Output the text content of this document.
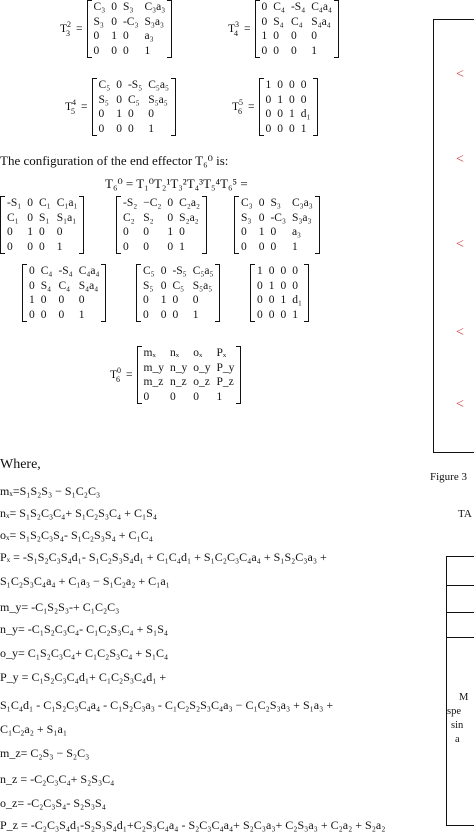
$T^2_3$ =
C₃	0	S₃	C₃a₃
S₃	0	-C₃	S₃a₃
0	1	0	a₃
0	0	0	1
$T^3_4$ =
0	C₄	-S₄	C₄a₄
0	S₄	C₄	S₄a₄
1	0	0	0
0	0	0	1
$T^4_5$ =
C₅	0	-S₅	C₅a₅
S₅	0	C₅	S₅a₅
0	1	0	0
0	0	0	1
$T^5_6$ =
1	0	0	0
0	1	0	0
0	0	1	d₁
0	0	0	1
The configuration of the end effector T₆⁰ is:
T₆⁰ = T₁⁰T₂¹T₃²T₄³T₅⁴T₆⁵ =
-S₁	0	C₁	C₁a₁
C₁	0	S₁	S₁a₁
0	1	0	0
0	0	0	1
-S₂	−C₂	0	C₂a₂
C₂	S₂	0	S₂a₂
0	0	1	0
0	0	0	1
C₃	0	S₃	C₃a₃
S₃	0	-C₃	S₃a₃
0	1	0	a₃
0	0	0	1
0	C₄	-S₄	C₄a₄
0	S₄	C₄	S₄a₄
1	0	0	0
0	0	0	1
C₅	0	-S₅	C₅a₅
S₅	0	C₅	S₅a₅
0	1	0	0
0	0	0	1
1	0	0	0
0	1	0	0
0	0	1	d₁
0	0	0	1
$T^0_6$ =
mₓ	nₓ	oₓ	Pₓ
m_y	n_y	o_y	P_y
m_z	n_z	o_z	P_z
0	0	0	1
Where,
mₓ=S₁S₂S₃ − S₁C₂C₃
nₓ= S₁S₂C₃C₄+ S₁C₂S₃C₄ + C₁S₄
oₓ= S₁S₂C₃S₄- S₁C₂S₃S₄ + C₁C₄
Pₓ = -S₁S₂C₃S₄d₁- S₁C₂S₃S₄d₁ + C₁C₄d₁ + S₁C₂C₃C₄a₄ + S₁S₂C₃a₃ +
S₁C₂S₃C₄a₄ + C₁a₃ − S₁C₂a₂ + C₁a₁
m_y= -C₁S₂S₃-+ C₁C₂C₃
n_y= -C₁S₂C₃C₄- C₁C₂S₃C₄ + S₁S₄
o_y= C₁S₂C₃C₄+ C₁C₂S₃C₄ + S₁C₄
P_y = C₁S₂C₃C₄d₁+ C₁C₂S₃C₄d₁ +
S₁C₄d₁ - C₁S₂C₃C₄a₄ - C₁S₂C₃a₃ - C₁C₂S₂S₃C₄a₃ − C₁C₂S₃a₃ + S₁a₃ +
C₁C₂a₂ + S₁a₁
m_z= C₂S₃ − S₂C₃
n_z = -C₂C₃C₄+ S₂S₃C₄
o_z= -C₂C₃S₄- S₂S₃S₄
P_z = -C₂C₃S₄d₁-S₂S₃S₄d₁+C₂S₃C₄a₄ - S₂C₃C₄a₄+ S₂C₃a₃+ C₂S₃a₃ + C₂a₂ + S₂a₂
<
<
<
<
<
Figure 3
TA
M
spe
sin
a
